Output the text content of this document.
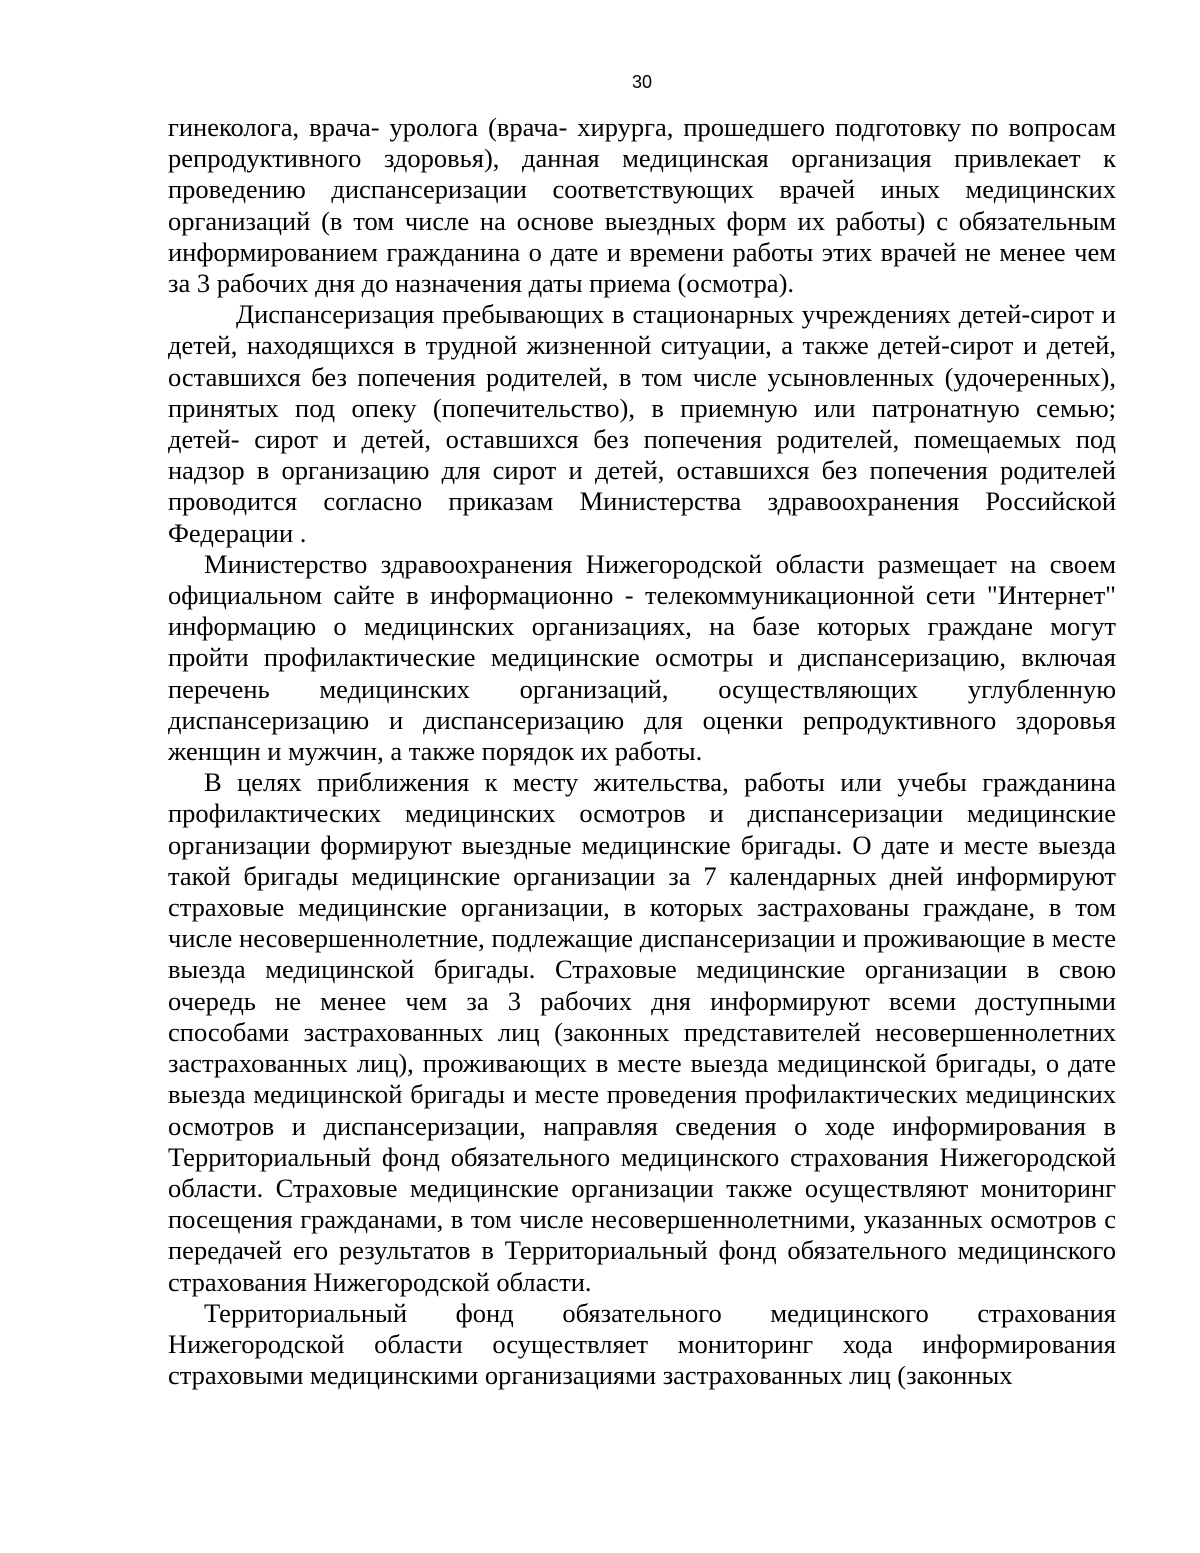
30

гинеколога, врача- уролога (врача- хирурга, прошедшего подготовку по вопросам репродуктивного здоровья), данная медицинская организация привлекает к проведению диспансеризации соответствующих врачей иных медицинских организаций (в том числе на основе выездных форм их работы) с обязательным информированием гражданина о дате и времени работы этих врачей не менее чем за 3 рабочих дня до назначения даты приема (осмотра).

Диспансеризация пребывающих в стационарных учреждениях детей-сирот и детей, находящихся в трудной жизненной ситуации, а также детей-сирот и детей, оставшихся без попечения родителей, в том числе усыновленных (удочеренных), принятых под опеку (попечительство), в приемную или патронатную семью; детей- сирот и детей, оставшихся без попечения родителей, помещаемых под надзор в организацию для сирот и детей, оставшихся без попечения родителей проводится согласно приказам Министерства здравоохранения Российской Федерации .

Министерство здравоохранения Нижегородской области размещает на своем официальном сайте в информационно - телекоммуникационной сети "Интернет" информацию о медицинских организациях, на базе которых граждане могут пройти профилактические медицинские осмотры и диспансеризацию, включая перечень медицинских организаций, осуществляющих углубленную диспансеризацию и диспансеризацию для оценки репродуктивного здоровья женщин и мужчин, а также порядок их работы.

В целях приближения к месту жительства, работы или учебы гражданина профилактических медицинских осмотров и диспансеризации медицинские организации формируют выездные медицинские бригады. О дате и месте выезда такой бригады медицинские организации за 7 календарных дней информируют страховые медицинские организации, в которых застрахованы граждане, в том числе несовершеннолетние, подлежащие диспансеризации и проживающие в месте выезда медицинской бригады. Страховые медицинские организации в свою очередь не менее чем за 3 рабочих дня информируют всеми доступными способами застрахованных лиц (законных представителей несовершеннолетних застрахованных лиц), проживающих в месте выезда медицинской бригады, о дате выезда медицинской бригады и месте проведения профилактических медицинских осмотров и диспансеризации, направляя сведения о ходе информирования в Территориальный фонд обязательного медицинского страхования Нижегородской области. Страховые медицинские организации также осуществляют мониторинг посещения гражданами, в том числе несовершеннолетними, указанных осмотров с передачей его результатов в Территориальный фонд обязательного медицинского страхования Нижегородской области.

Территориальный фонд обязательного медицинского страхования Нижегородской области осуществляет мониторинг хода информирования страховыми медицинскими организациями застрахованных лиц (законных
